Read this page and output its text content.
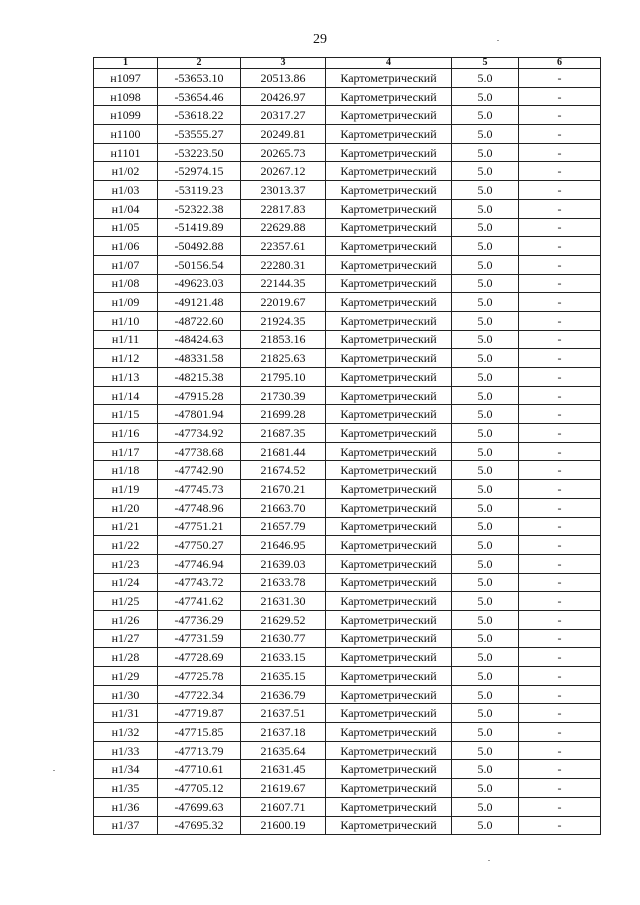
29
1	2	3	4	5	6
н1097	-53653.10	20513.86	Картометрический	5.0	-
н1098	-53654.46	20426.97	Картометрический	5.0	-
н1099	-53618.22	20317.27	Картометрический	5.0	-
н1100	-53555.27	20249.81	Картометрический	5.0	-
н1101	-53223.50	20265.73	Картометрический	5.0	-
н1/02	-52974.15	20267.12	Картометрический	5.0	-
н1/03	-53119.23	23013.37	Картометрический	5.0	-
н1/04	-52322.38	22817.83	Картометрический	5.0	-
н1/05	-51419.89	22629.88	Картометрический	5.0	-
н1/06	-50492.88	22357.61	Картометрический	5.0	-
н1/07	-50156.54	22280.31	Картометрический	5.0	-
н1/08	-49623.03	22144.35	Картометрический	5.0	-
н1/09	-49121.48	22019.67	Картометрический	5.0	-
н1/10	-48722.60	21924.35	Картометрический	5.0	-
н1/11	-48424.63	21853.16	Картометрический	5.0	-
н1/12	-48331.58	21825.63	Картометрический	5.0	-
н1/13	-48215.38	21795.10	Картометрический	5.0	-
н1/14	-47915.28	21730.39	Картометрический	5.0	-
н1/15	-47801.94	21699.28	Картометрический	5.0	-
н1/16	-47734.92	21687.35	Картометрический	5.0	-
н1/17	-47738.68	21681.44	Картометрический	5.0	-
н1/18	-47742.90	21674.52	Картометрический	5.0	-
н1/19	-47745.73	21670.21	Картометрический	5.0	-
н1/20	-47748.96	21663.70	Картометрический	5.0	-
н1/21	-47751.21	21657.79	Картометрический	5.0	-
н1/22	-47750.27	21646.95	Картометрический	5.0	-
н1/23	-47746.94	21639.03	Картометрический	5.0	-
н1/24	-47743.72	21633.78	Картометрический	5.0	-
н1/25	-47741.62	21631.30	Картометрический	5.0	-
н1/26	-47736.29	21629.52	Картометрический	5.0	-
н1/27	-47731.59	21630.77	Картометрический	5.0	-
н1/28	-47728.69	21633.15	Картометрический	5.0	-
н1/29	-47725.78	21635.15	Картометрический	5.0	-
н1/30	-47722.34	21636.79	Картометрический	5.0	-
н1/31	-47719.87	21637.51	Картометрический	5.0	-
н1/32	-47715.85	21637.18	Картометрический	5.0	-
н1/33	-47713.79	21635.64	Картометрический	5.0	-
н1/34	-47710.61	21631.45	Картометрический	5.0	-
н1/35	-47705.12	21619.67	Картометрический	5.0	-
н1/36	-47699.63	21607.71	Картометрический	5.0	-
н1/37	-47695.32	21600.19	Картометрический	5.0	-
